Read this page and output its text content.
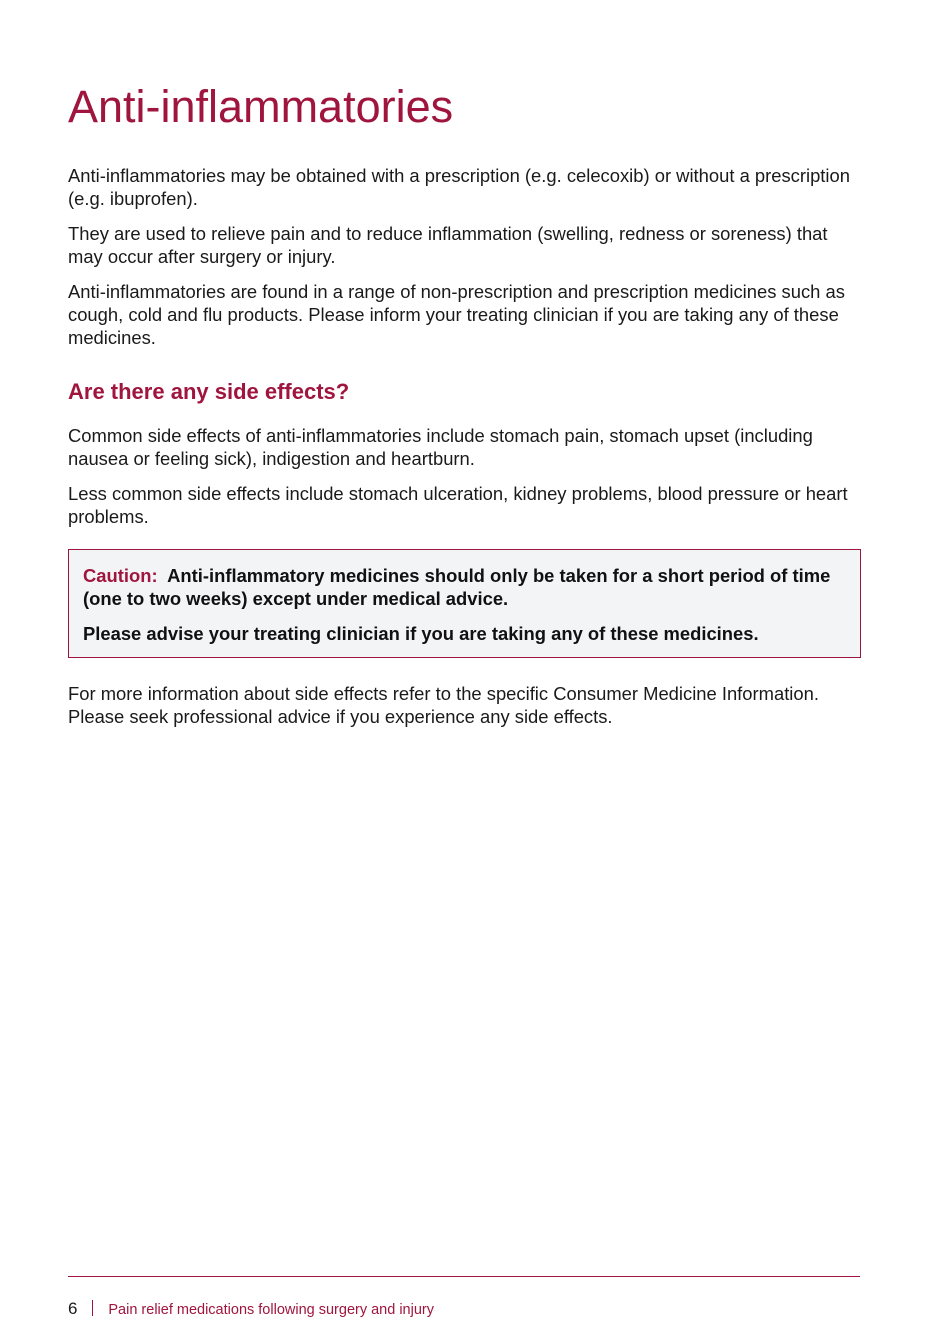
Anti-inflammatories

Anti-inflammatories may be obtained with a prescription (e.g. celecoxib) or without a prescription (e.g. ibuprofen).

They are used to relieve pain and to reduce inflammation (swelling, redness or soreness) that may occur after surgery or injury.

Anti-inflammatories are found in a range of non-prescription and prescription medicines such as cough, cold and flu products. Please inform your treating clinician if you are taking any of these medicines.

Are there any side effects?

Common side effects of anti-inflammatories include stomach pain, stomach upset (including nausea or feeling sick), indigestion and heartburn.

Less common side effects include stomach ulceration, kidney problems, blood pressure or heart problems.

Caution: Anti-inflammatory medicines should only be taken for a short period of time (one to two weeks) except under medical advice.

Please advise your treating clinician if you are taking any of these medicines.

For more information about side effects refer to the specific Consumer Medicine Information. Please seek professional advice if you experience any side effects.

6 Pain relief medications following surgery and injury
